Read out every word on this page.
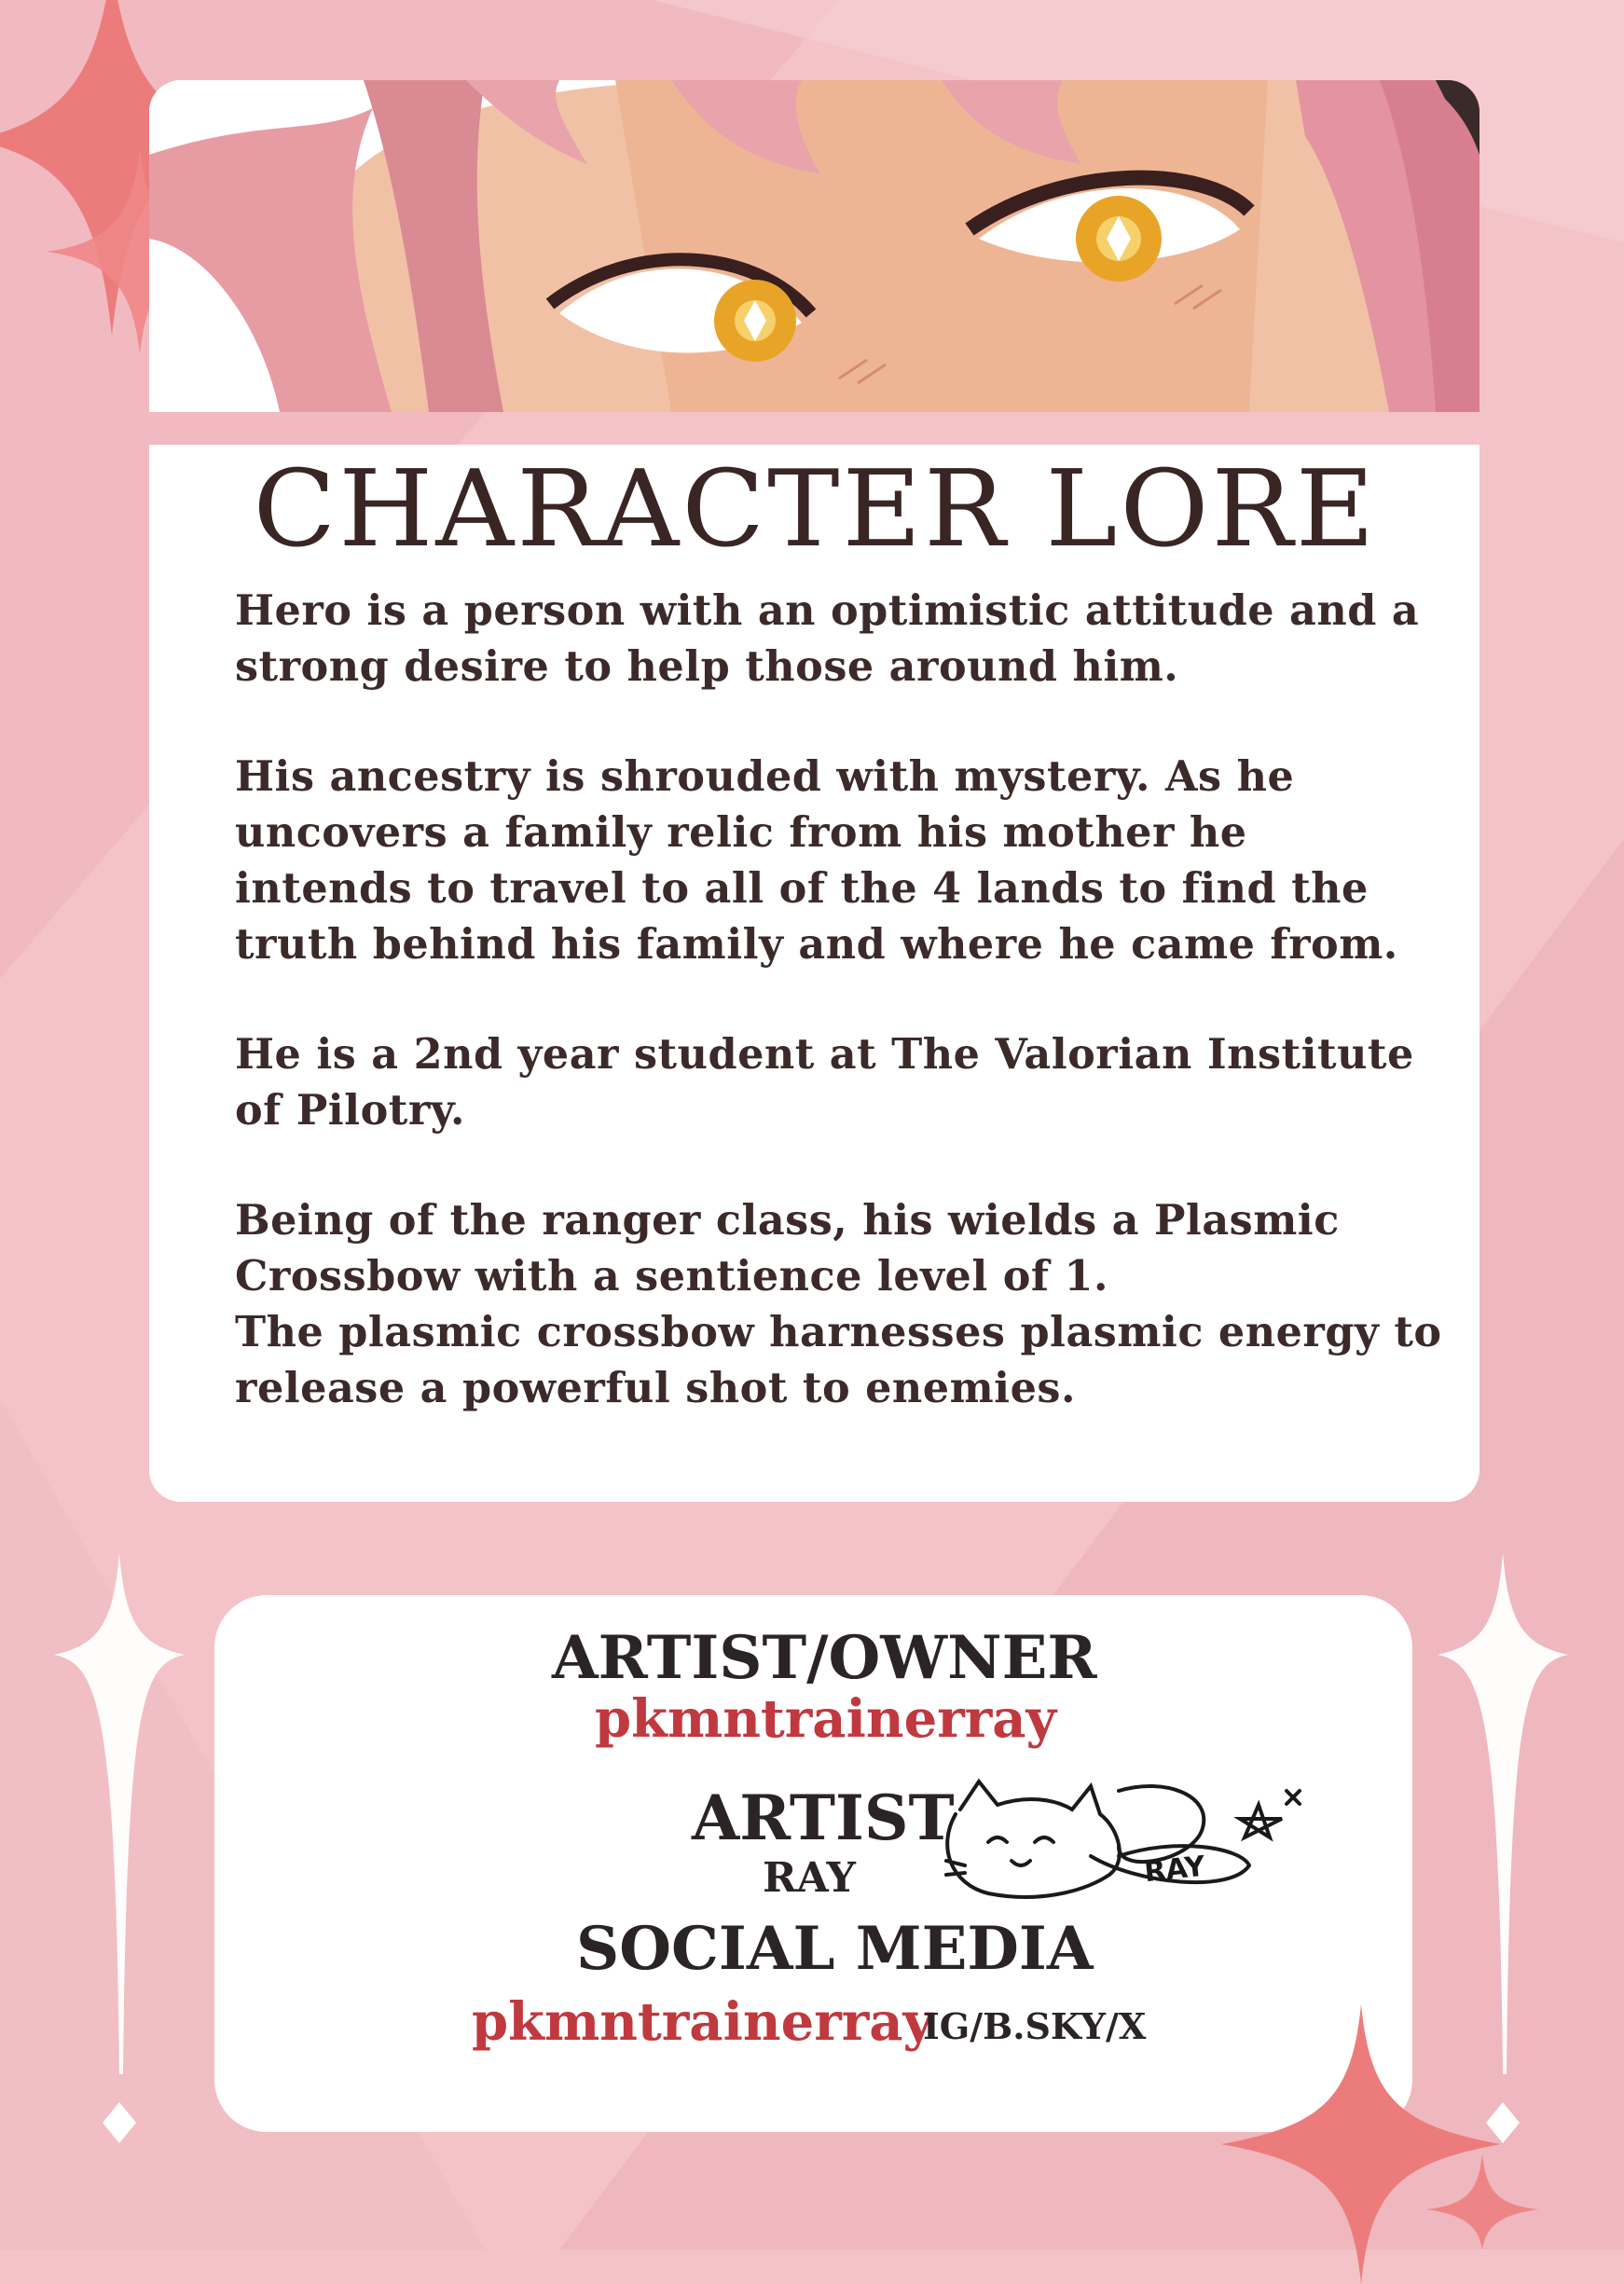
CHARACTER LORE

Hero is a person with an optimistic attitude and a
strong desire to help those around him.

His ancestry is shrouded with mystery. As he
uncovers a family relic from his mother he
intends to travel to all of the 4 lands to find the
truth behind his family and where he came from.

He is a 2nd year student at The Valorian Institute
of Pilotry.

Being of the ranger class, his wields a Plasmic
Crossbow with a sentience level of 1.
The plasmic crossbow harnesses plasmic energy to
release a powerful shot to enemies.

ARTIST/OWNER
pkmntrainerray
ARTIST
RAY	RAY
SOCIAL MEDIA
pkmntrainerray
IG/B.SKY/X
